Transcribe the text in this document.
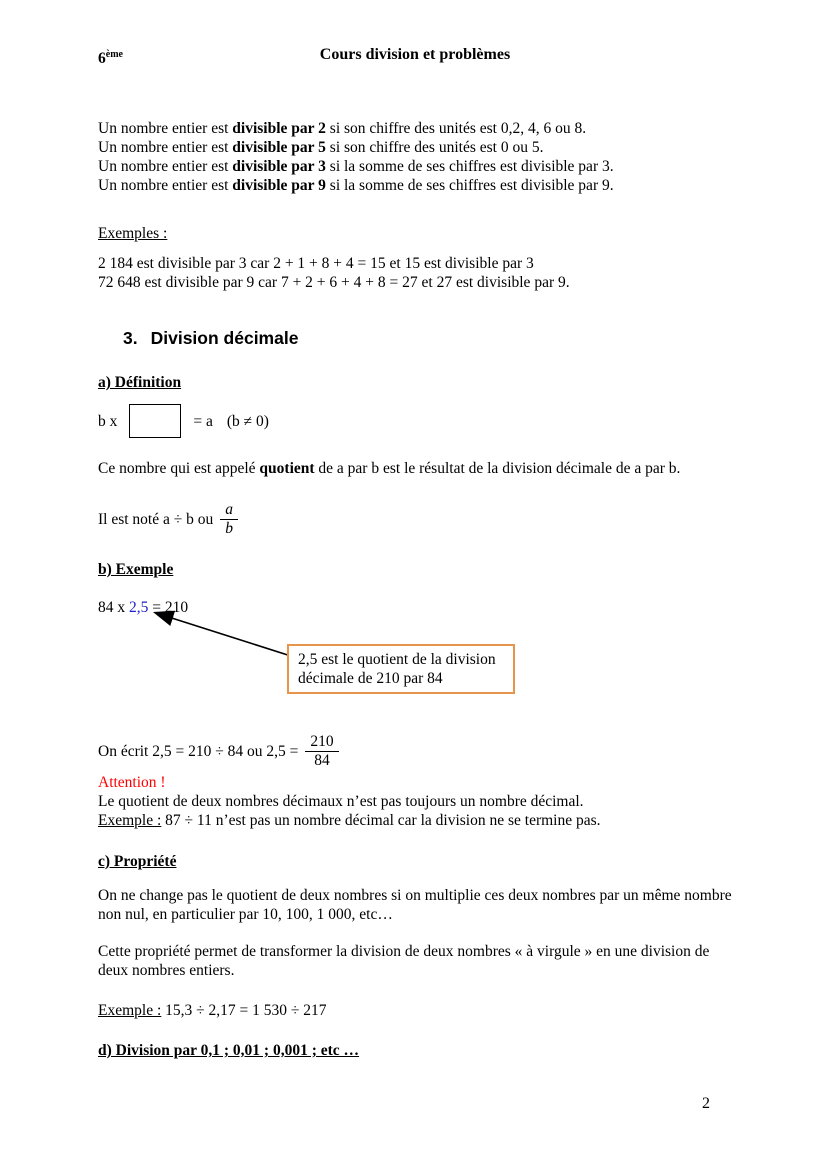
6ème	Cours division et problèmes

Un nombre entier est divisible par 2 si son chiffre des unités est 0,2, 4, 6 ou 8.

Un nombre entier est divisible par 5 si son chiffre des unités est 0 ou 5.

Un nombre entier est divisible par 3 si la somme de ses chiffres est divisible par 3.

Un nombre entier est divisible par 9 si la somme de ses chiffres est divisible par 9.

Exemples :

2 184 est divisible par 3 car 2 + 1 + 8 + 4 = 15 et 15 est divisible par 3

72 648 est divisible par 9 car 7 + 2 + 6 + 4 + 8 = 27 et 27 est divisible par 9.

3. Division décimale
a) Définition
b x	= a (b ≠ 0)

Ce nombre qui est appelé quotient de a par b est le résultat de la division décimale de a par b.

Il est noté a ÷ b ou $\frac{a}{b}$
b) Exemple

84 x 2,5 = 210

2,5 est le quotient de la division
décimale de 210 par 84
On écrit 2,5 = 210 ÷ 84 ou $2,5 = \frac{210}{84}$

Attention !

Le quotient de deux nombres décimaux n’est pas toujours un nombre décimal.

Exemple : 87 ÷ 11 n’est pas un nombre décimal car la division ne se termine pas.

c) Propriété

On ne change pas le quotient de deux nombres si on multiplie ces deux nombres par un même nombre non nul, en particulier par 10, 100, 1 000, etc…

Cette propriété permet de transformer la division de deux nombres « à virgule » en une division de deux nombres entiers.

Exemple : 15,3 ÷ 2,17 = 1 530 ÷ 217

d) Division par 0,1 ; 0,01 ; 0,001 ; etc …
2
